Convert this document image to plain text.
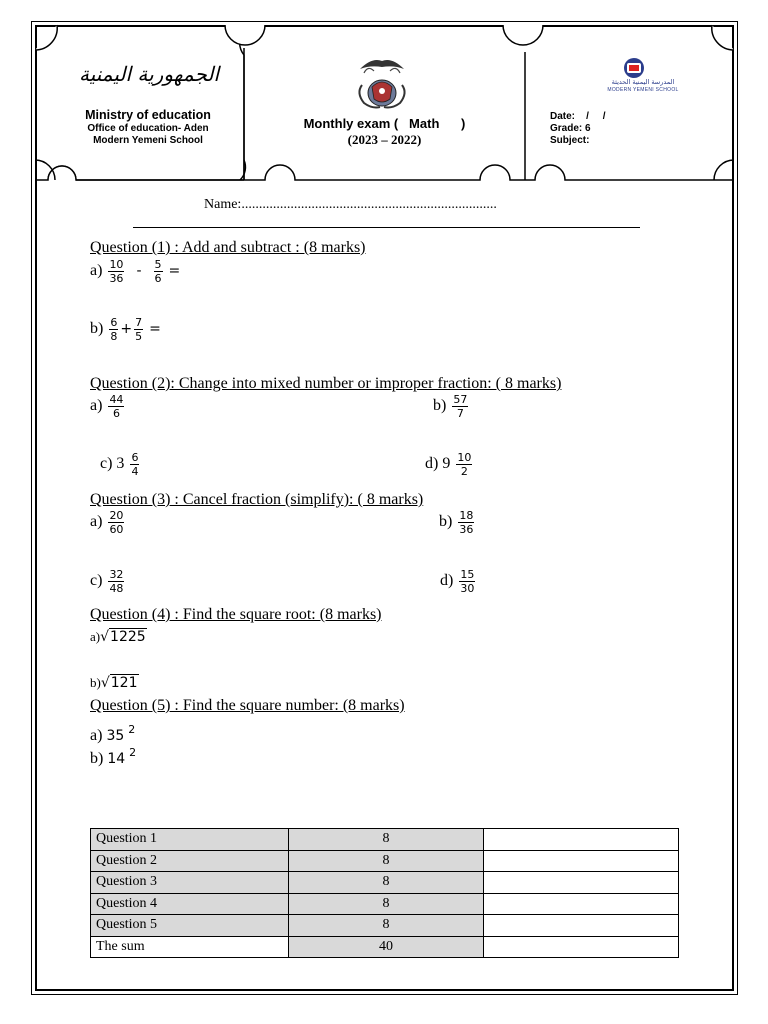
الجمهورية اليمنية
Ministry of education
Office of education- Aden
Modern Yemeni School
Monthly exam (   Math      )
(2023 – 2022)
المدرسة اليمنية الحديثة
MODERN YEMENI SCHOOL
Date:    /     /
Grade: 6
Subject:
Name:.........................................................................
Question (1) : Add and subtract : (8 marks)
$a) \frac{10}{36} - \frac{5}{6}$ =
$b) \frac{6}{8} + \frac{7}{5}$ =
Question (2): Change into mixed number or improper fraction: ( 8 marks)
$a) \frac{44}{6}$	$b) \frac{57}{7}$
c) $3 \frac{6}{4}$	d) $9 \frac{10}{2}$
Question (3) : Cancel fraction (simplify): ( 8 marks)
$a) \frac{20}{60}$	$b) \frac{18}{36}$
$c) \frac{32}{48}$	$d) \frac{15}{30}$
Question (4) : Find the square root: (8 marks)
a)√1225
b)√121
Question (5) : Find the square number: (8 marks)
a) 35 $^2$
b) 14 $^2$
Question 1	8	
Question 2	8	
Question 3	8	
Question 4	8	
Question 5	8	
The sum	40	
